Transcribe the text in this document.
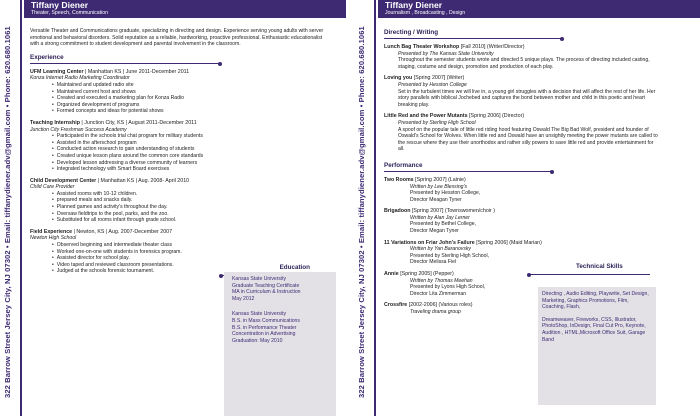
322 Barrow Street Jersey City, NJ 07302 • Email: tiffanydiener.adv@gmail.com • Phone: 620.680.1061
Tiffany Diener
Theater, Speech, Communication
Versatile Theater and Communications graduate, specializing in directing and design. Experience serving young adults with server emotional and behavioral disorders. Solid reputation as a reliable, hardworking, proactive professional. Enthusiastic educationalist with a strong commitment to student development and parental involvement in the classroom.
Experience
UFM Learning Center | Manhattan KS | June 2011-December 2011
Konza Internet Radio Marketing Coordinator
• Maintained and updated radio site
• Maintained current host and shows
• Created and executed a marketing plan for Konza Radio
• Organized development of programs
• Formed concepts and ideas for potential shows
Teaching Internship | Junction City, KS | August 2011-December 2011
Junction City Freshman Success Academy
• Participated in the schools trial chat program for military students
• Assisted in the afterschool program
• Conducted action research to gain understanding of students
• Created unique lesson plans around the common core standards
• Developed lesson addressing a diverse community of learners
• Integrated technology with Smart Board exercises
Child Development Center | Manhattan KS | Aug. 2008- April 2010
Child Care Provider
• Assisted rooms with 10-12 children.
• prepared meals and snacks daily.
• Planned games and activity's throughout the day.
• Oversaw fieldtrips to the pool, parks, and the zoo.
• Substituted for all rooms infant through grade school.
Field Experience | Newton, KS | Aug. 2007-December 2007
Newton High School
• Observed beginning and intermediate theater class
• Worked one-on-one with students in forensics program.
• Assisted director for school play.
• Video taped and reviewed classroom presentations.
• Judged at the schools forensic tournament.
Education
Kansas State University
Graduate Teaching Certificate
MA in Curriculum & Instruction
May 2012
Kansas State University
B.S. in Mass Communications
B.S. in Performance Theater
Concentration in Advertising
Graduation: May 2010	322 Barrow Street Jersey City, NJ 07302 • Email: tiffanydiener.adv@gmail.com • Phone: 620.680.1061
Tiffany Diener
Journalism , Broadcasting , Design
Directing / Writing
Lunch Bag Theater Workshop [Fall 2010] (Writer/Director)
Presented by The Kansas State University
Throughout the semester students wrote and directed 5 unique plays. The process of directing included casting, staging, costume and design, promotion and production of each play.
Loving you [Spring 2007] (Writer)
Presented by Hesston College
Set in the turbulent times we will live in, a young girl struggles with a decision that will affect the rest of her life. Her story parallels with biblical Jochebed and captures the bond between mother and child in this poetic and heart breaking play.
Little Red and the Power Mutants [Spring 2006] (Director)
Presented by Sterling High School
A spoof on the popular tale of little red riding hood featuring Oswald The Big Bad Wolf, president and founder of Oswald's School for Wolves. When little red and Oswald have an unsightly meeting the power mutants are called to the rescue where they use their unorthodox and rather silly powers to save little red and provide entertainment for all.
Performance
Two Rooms [Spring 2007] (Lainie)
Written by Lee Blessing's
Presented by Hesston College,
Director Meagan Tyner
Brigadoon [Spring 2007] (Townswomen/choir )
Written by Alan Jay Lerner
Presented by Bethel College,
Director Megan Tyner
11 Variations on Friar John's Failure [Spring 2006] (Maid Marian)
Written by Yan Baranovsky
Presented by Sterling High School,
Director Melissa Fiel
Annie [Spring 2005] (Pepper)
Written by Thomas Meehan
Presented by Lyons High School,
Director Lita Zimmerman
Crossfire [2002-2006] (Various roles)
Traveling drama group
Technical Skills
Directing , Audio Editing, Playwrite, Set Design, Marketing, Graphics Promotions, Film, Coaching, Flash,
Dreamweaver, Fireworks, CSS, Illustrator, PhotoShop, InDesign, Final Cut Pro, Keynote, Audition , HTML,Microsoft Office Suit, Garage Band
